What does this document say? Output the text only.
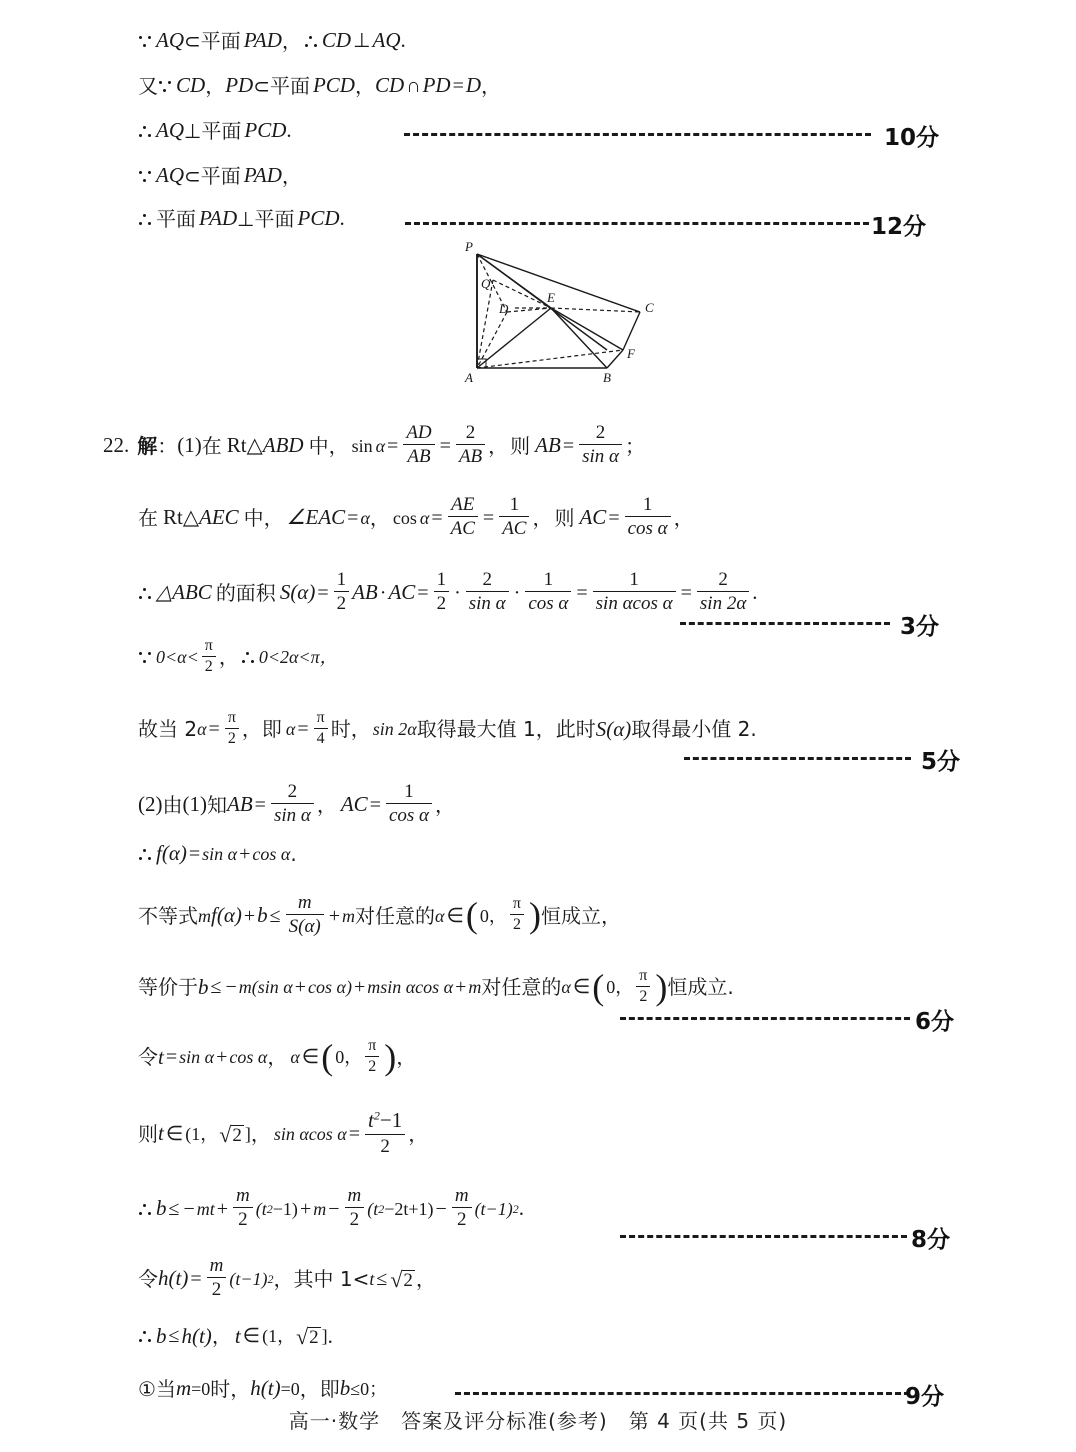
AQ ⊂平面 PAD ， CD ⊥ AQ .
又 CD ， PD ⊂平面 PCD ， CD ∩ PD = D ，
AQ ⊥平面 PCD .	10分
AQ ⊂平面 PAD ，
平面 PAD ⊥平面 PCD .	12分
P
Q
D
E
C
F
A	B
22. 解 ： (1) 在 Rt△ ABD 中 ， $\sin \alpha = \frac{AD}{AB} = \frac{2}{AB}$ ， 则 AB = $\frac{2}{\text{sin α}}$ ；
在 Rt△ AEC 中 ， ∠EAC = α ， $\cos \alpha = \frac{AE}{AC} = \frac{1}{AC}$ ， 则 AC = $\frac{1}{\text{cos α}}$ ，
△ABC 的面积 S $(\alpha) = \frac{1}{2}$ AB · AC = $\frac{1}{2} \cdot \frac{2}{\text{sin α}} \cdot \frac{1}{\text{cos α}} = \frac{1}{\text{sin αcos α}} = \frac{2}{\sin 2\alpha}$ .
3分
$0<\alpha< \frac{\pi}{2}$ ， 0<2α<π，
故当 2 $\alpha = \frac{\pi}{2}$ ，即 $\alpha = \frac{\pi}{4}$ 时 ， sin 2α 取得最大值 1，此时 S (α) 取得最小值 2.
5分
(2) 由 (1) 知 AB = $\frac{2}{\text{sin α}}$ ， AC = $\frac{1}{\text{cos α}}$ ，
f (α) = sin α + cos α .
不等式 m f $(\alpha) + b \le \frac{m}{S(\alpha)} + m$ 对任意的 α ∈ ( 0， $\frac{\pi}{2}$ ) 恒成立，
等价于 b ≤ − m (sin α + cos α) + m sin αcos α + m 对任意的 α ∈ ( 0， $\frac{\pi}{2}$ ) 恒成立.
6分
令 t = sin α + cos α ， α ∈ ( 0， $\frac{\pi}{2}$ ) ，
则 t ∈ (1， √ 2 ] ， sin αcos $\alpha = \frac{t^2-1}{2}$ ，
b ≤ − mt + $\frac{m}{2} (t$ $2 -1) + m - \frac{m}{2} (t$ $2 -2t+1) - \frac{m}{2} (t-1)$ 2 .
8分
令 h $(t) = \frac{m}{2} (t-1)$ 2 ，其中 1< t ≤ √ 2 ，
b ≤ h (t) ， t ∈ (1， √ 2 ] .
① 当 m =0 时， h (t) =0 ，即 b ≤0；	9分
高一·数学　答案及评分标准(参考)　第 4 页(共 5 页)
